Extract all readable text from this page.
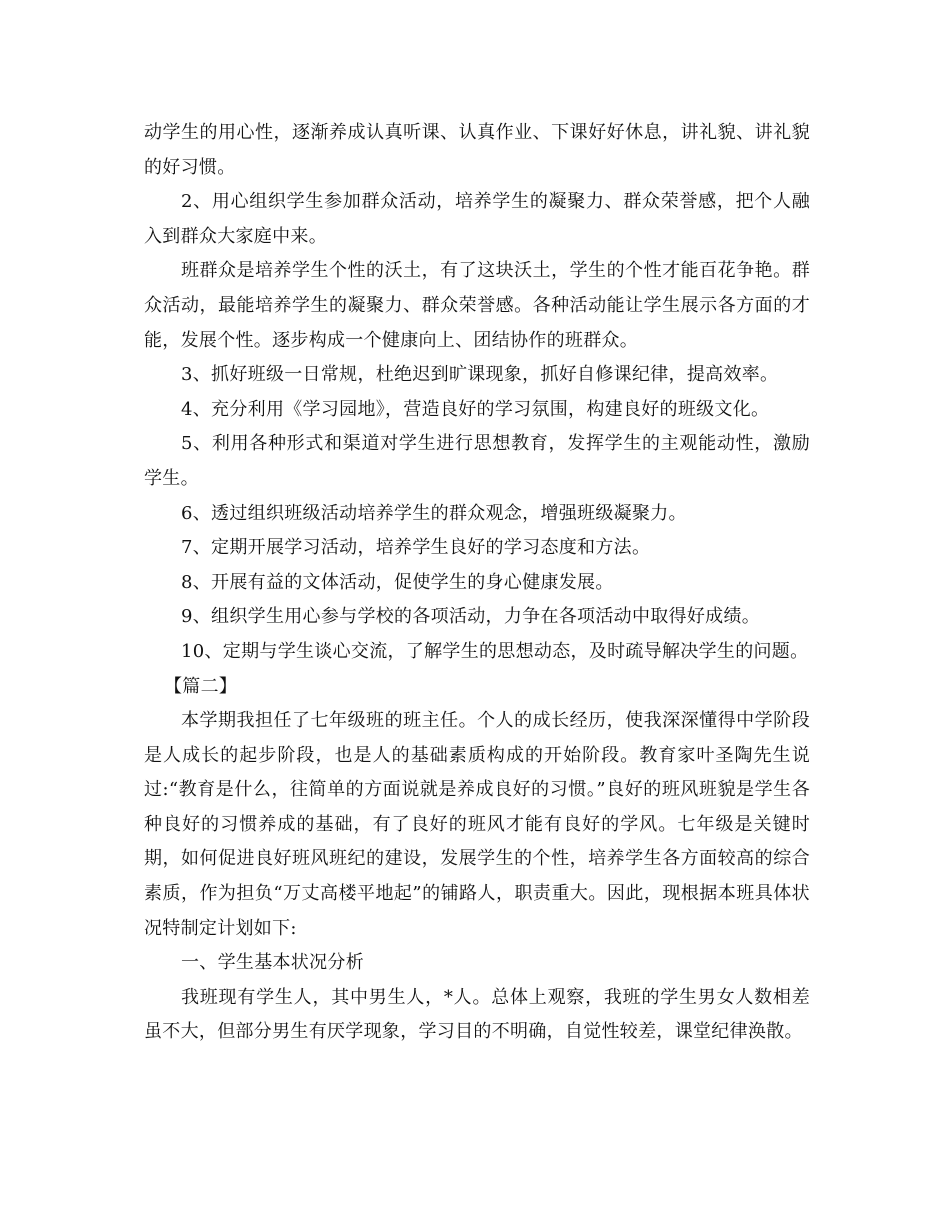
动学生的用心性，逐渐养成认真听课、认真作业、下课好好休息，讲礼貌、讲礼貌的好习惯。

2、用心组织学生参加群众活动，培养学生的凝聚力、群众荣誉感，把个人融入到群众大家庭中来。

班群众是培养学生个性的沃土，有了这块沃土，学生的个性才能百花争艳。群众活动，最能培养学生的凝聚力、群众荣誉感。各种活动能让学生展示各方面的才能，发展个性。逐步构成一个健康向上、团结协作的班群众。

3、抓好班级一日常规，杜绝迟到旷课现象，抓好自修课纪律，提高效率。

4、充分利用《学习园地》，营造良好的学习氛围，构建良好的班级文化。

5、利用各种形式和渠道对学生进行思想教育，发挥学生的主观能动性，激励学生。

6、透过组织班级活动培养学生的群众观念，增强班级凝聚力。

7、定期开展学习活动，培养学生良好的学习态度和方法。

8、开展有益的文体活动，促使学生的身心健康发展。

9、组织学生用心参与学校的各项活动，力争在各项活动中取得好成绩。

10、定期与学生谈心交流，了解学生的思想动态，及时疏导解决学生的问题。

【篇二】

本学期我担任了七年级班的班主任。个人的成长经历，使我深深懂得中学阶段是人成长的起步阶段，也是人的基础素质构成的开始阶段。教育家叶圣陶先生说过:“教育是什么，往简单的方面说就是养成良好的习惯。”良好的班风班貌是学生各种良好的习惯养成的基础，有了良好的班风才能有良好的学风。七年级是关键时期，如何促进良好班风班纪的建设，发展学生的个性，培养学生各方面较高的综合素质，作为担负“万丈高楼平地起”的铺路人，职责重大。因此，现根据本班具体状况特制定计划如下:

一、学生基本状况分析

我班现有学生人，其中男生人，*人。总体上观察，我班的学生男女人数相差虽不大，但部分男生有厌学现象，学习目的不明确，自觉性较差，课堂纪律涣散。
